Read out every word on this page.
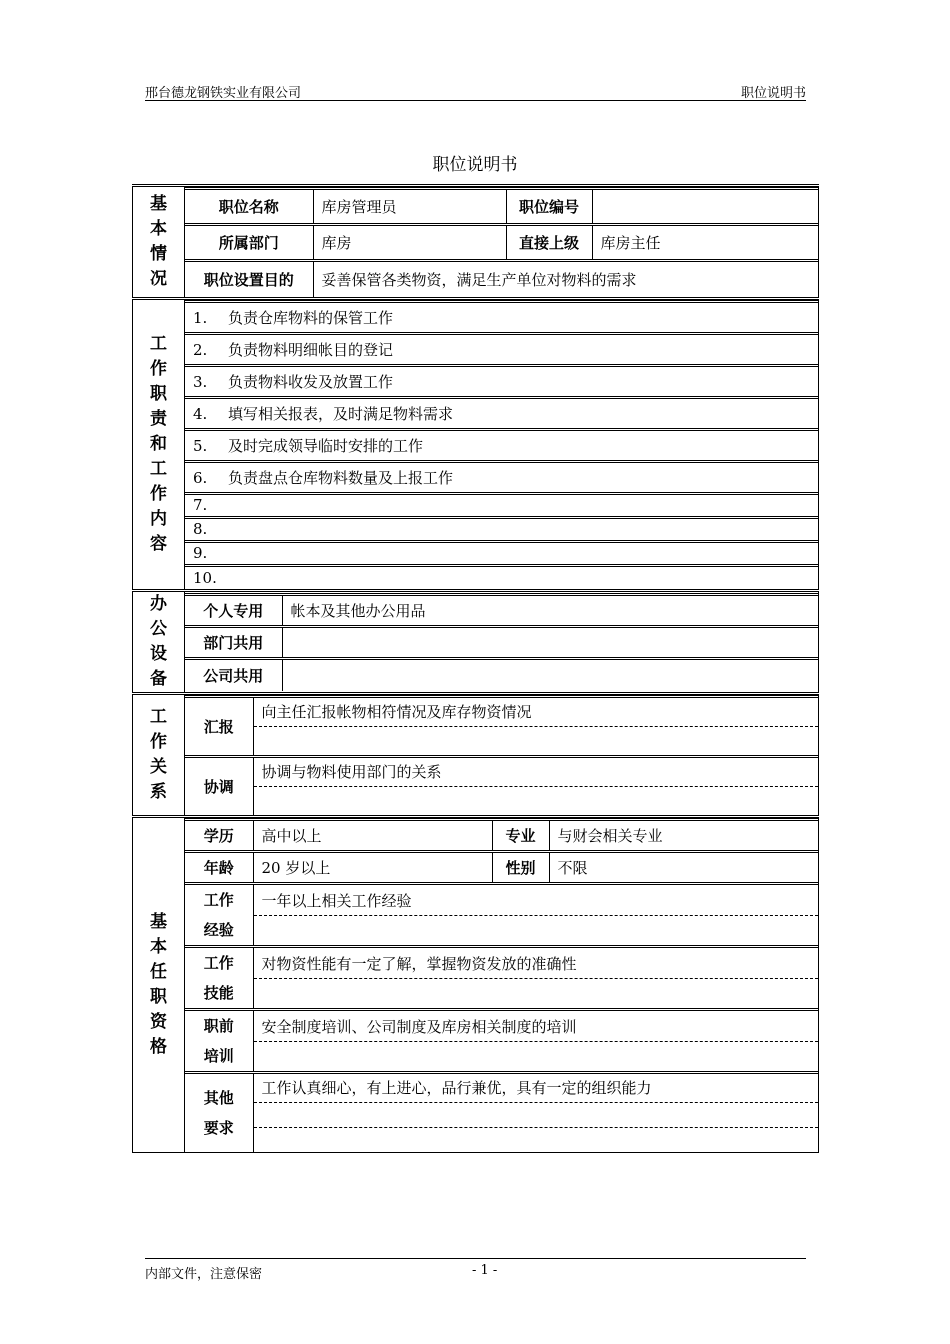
邢台德龙钢铁实业有限公司	职位说明书
职位说明书
基
本
情
况

职位名称	库房管理员	职位编号	
所属部门	库房	直接上级	库房主任
职位设置目的	妥善保管各类物资，满足生产单位对物料的需求

工
作
职
责
和
工
作
内
容

1. 负责仓库物料的保管工作
2. 负责物料明细帐目的登记
3. 负责物料收发及放置工作
4. 填写相关报表，及时满足物料需求
5. 及时完成领导临时安排的工作
6. 负责盘点仓库物料数量及上报工作
7.
8.
9.
10.

办
公
设
备

个人专用	帐本及其他办公用品
部门共用	
公司共用	

工
作
关
系

汇报	
向主任汇报帐物相符情况及库存物资情况

协调	
协调与物料使用部门的关系

基
本
任
职
资
格

学历	高中以上	专业	与财会相关专业
年龄	20 岁以上	性别	不限

工作
经验

一年以上相关工作经验

工作
技能

对物资性能有一定了解，掌握物资发放的准确性

职前
培训

安全制度培训、公司制度及库房相关制度的培训

其他
要求

工作认真细心，有上进心，品行兼优，具有一定的组织能力
内部文件，注意保密	- 1 -
